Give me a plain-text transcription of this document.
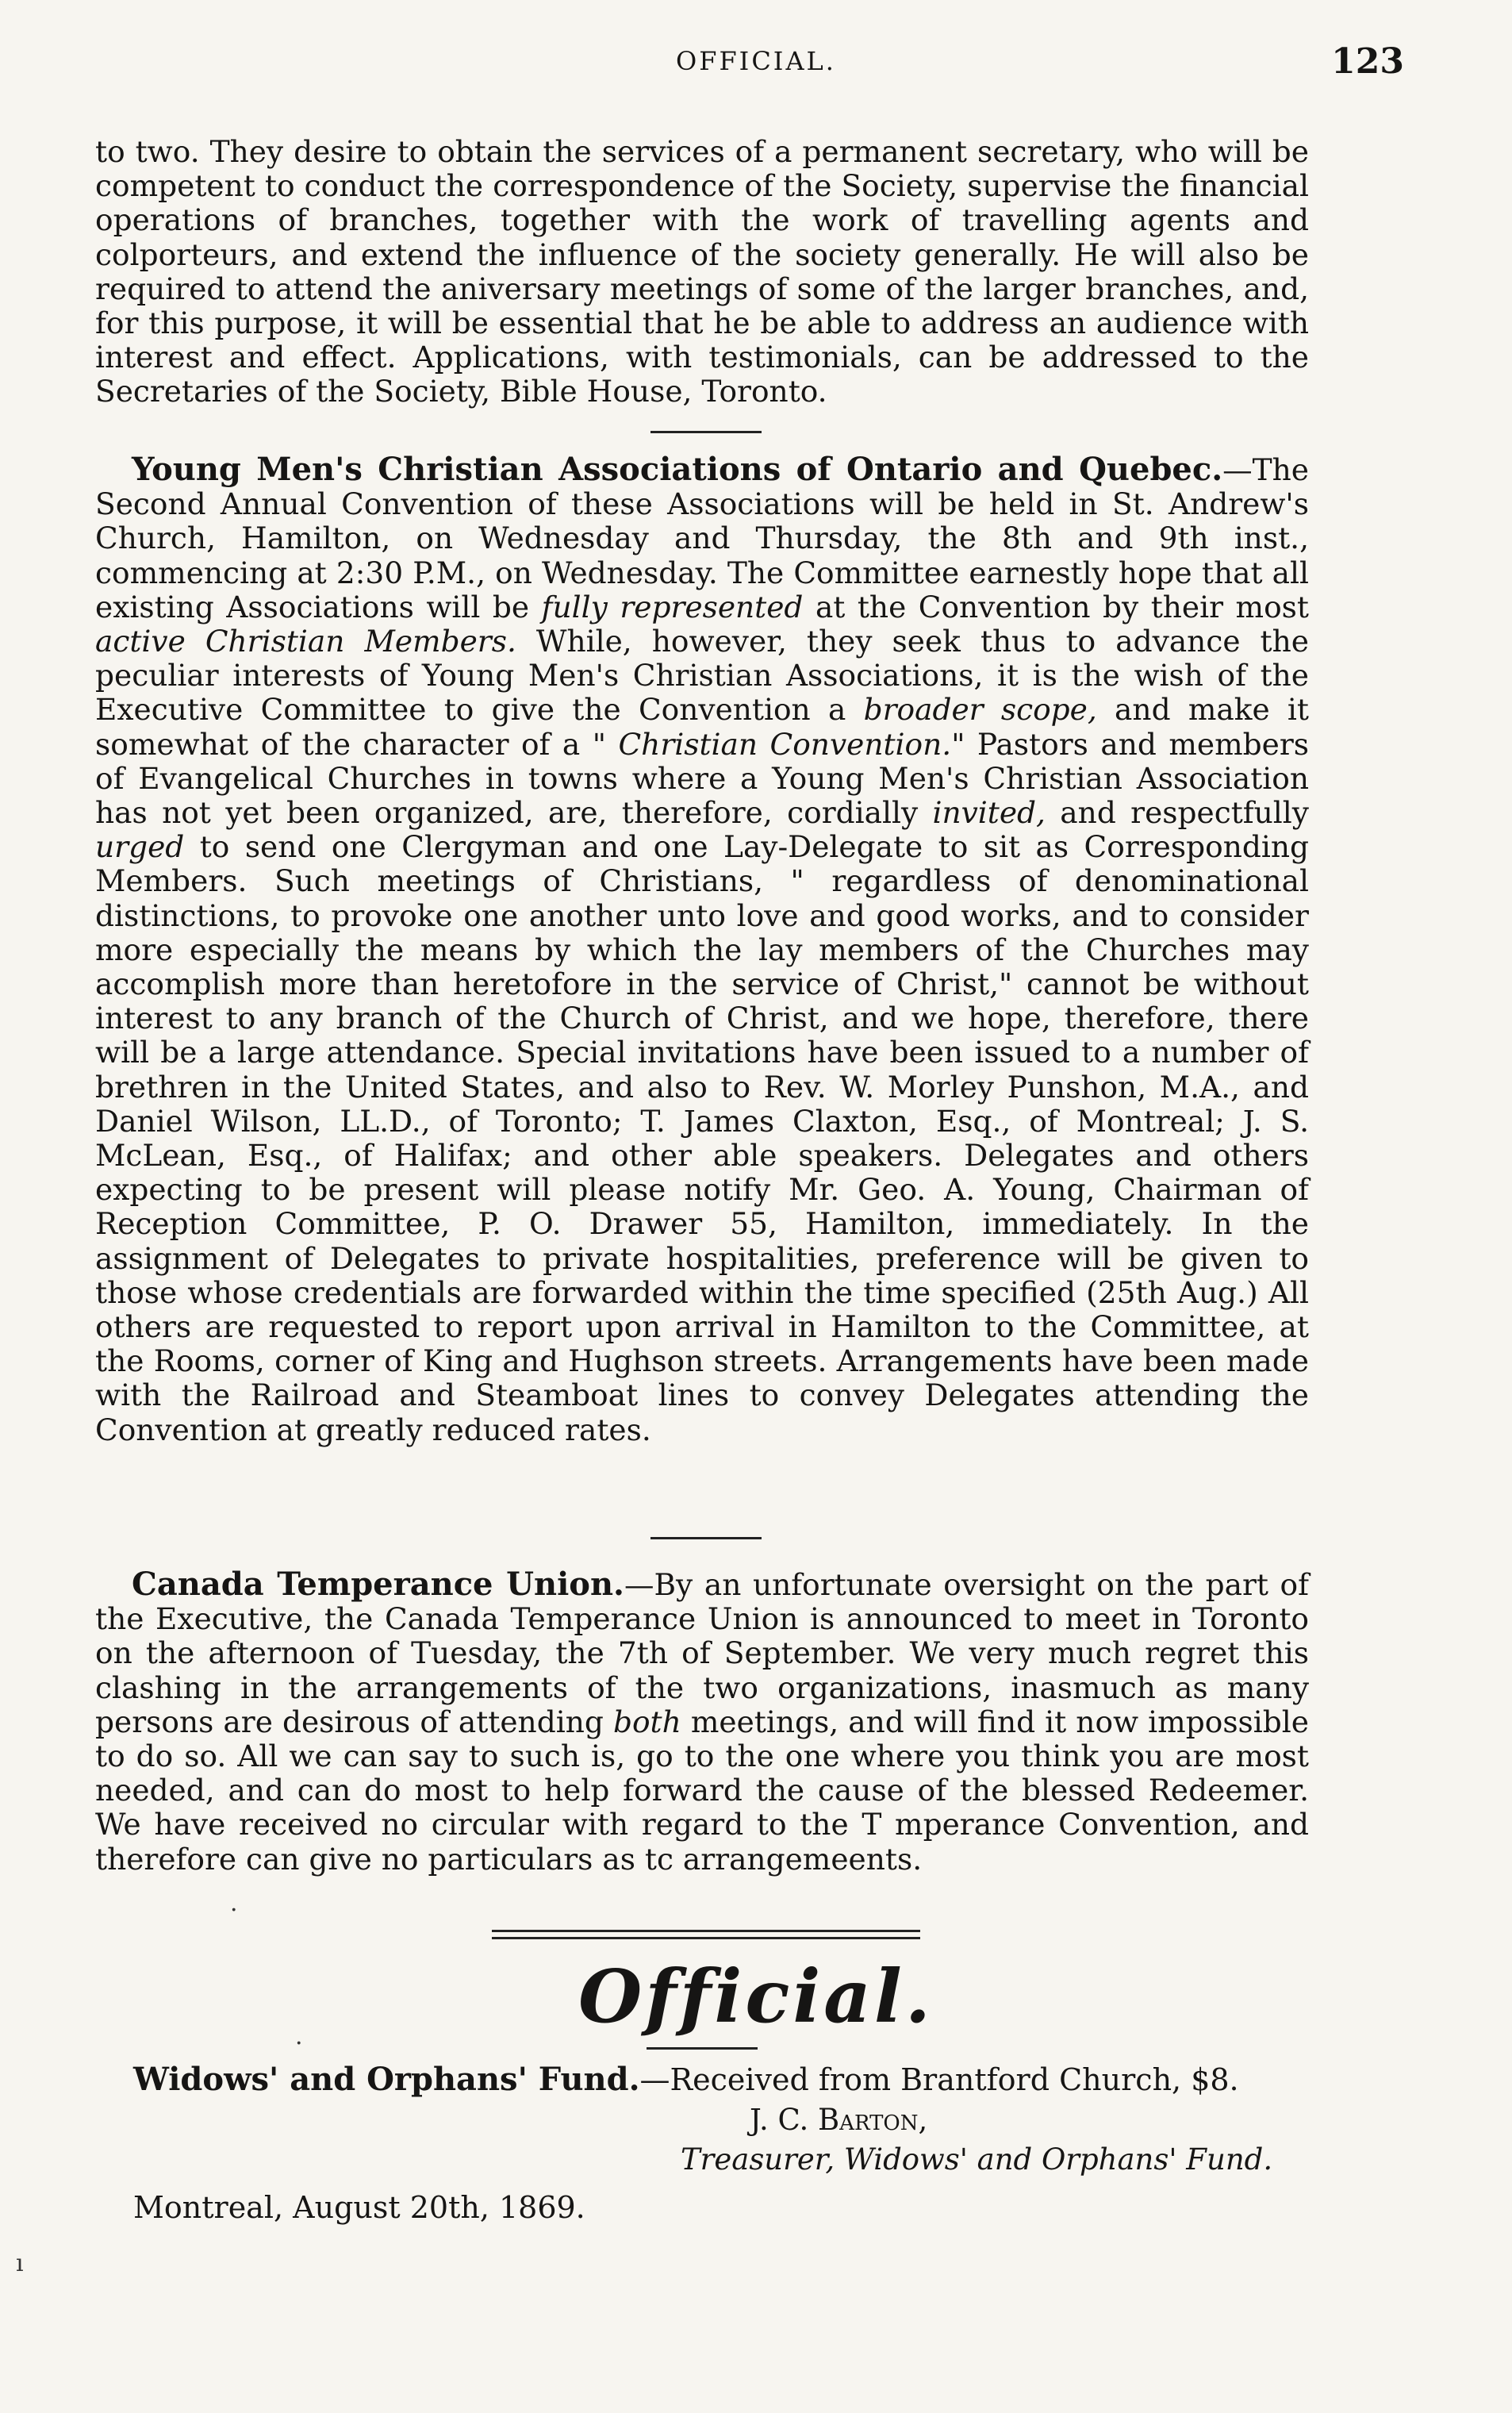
OFFICIAL.	123

to two. They desire to obtain the services of a permanent secretary, who will be competent to conduct the correspondence of the Society, supervise the financial operations of branches, together with the work of travelling agents and colporteurs, and extend the influence of the society generally. He will also be required to attend the aniversary meetings of some of the larger branches, and, for this purpose, it will be essential that he be able to address an audience with interest and effect. Applications, with testimonials, can be addressed to the Secretaries of the Society, Bible House, Toronto.

Young Men's Christian Associations of Ontario and Quebec.—The Second Annual Convention of these Associations will be held in St. Andrew's Church, Hamilton, on Wednesday and Thursday, the 8th and 9th inst., commencing at 2:30 P.M., on Wednesday. The Committee earnestly hope that all existing Associations will be fully represented at the Convention by their most active Christian Members. While, however, they seek thus to advance the peculiar interests of Young Men's Christian Associations, it is the wish of the Executive Committee to give the Convention a broader scope, and make it somewhat of the character of a " Christian Convention." Pastors and members of Evangelical Churches in towns where a Young Men's Christian Association has not yet been organized, are, therefore, cordially invited, and respectfully urged to send one Clergyman and one Lay-Delegate to sit as Corresponding Members. Such meetings of Christians, " regardless of denominational distinctions, to provoke one another unto love and good works, and to consider more especially the means by which the lay members of the Churches may accomplish more than heretofore in the service of Christ," cannot be without interest to any branch of the Church of Christ, and we hope, therefore, there will be a large attendance. Special invitations have been issued to a number of brethren in the United States, and also to Rev. W. Morley Punshon, M.A., and Daniel Wilson, LL.D., of Toronto; T. James Claxton, Esq., of Montreal; J. S. McLean, Esq., of Halifax; and other able speakers. Delegates and others expecting to be present will please notify Mr. Geo. A. Young, Chairman of Reception Committee, P. O. Drawer 55, Hamilton, immediately. In the assignment of Delegates to private hospitalities, preference will be given to those whose credentials are forwarded within the time specified (25th Aug.) All others are requested to report upon arrival in Hamilton to the Committee, at the Rooms, corner of King and Hughson streets. Arrangements have been made with the Railroad and Steamboat lines to convey Delegates attending the Convention at greatly reduced rates.

Canada Temperance Union.—By an unfortunate oversight on the part of the Executive, the Canada Temperance Union is announced to meet in Toronto on the afternoon of Tuesday, the 7th of September. We very much regret this clashing in the arrangements of the two organizations, inasmuch as many persons are desirous of attending both meetings, and will find it now impossible to do so. All we can say to such is, go to the one where you think you are most needed, and can do most to help forward the cause of the blessed Redeemer. We have received no circular with regard to the T mperance Convention, and therefore can give no particulars as tc arrangemeents.

Official.
Widows' and Orphans' Fund.—Received from Brantford Church, $8.
J. C. Barton,
Treasurer, Widows' and Orphans' Fund.
Montreal, August 20th, 1869.
·
·
ı
